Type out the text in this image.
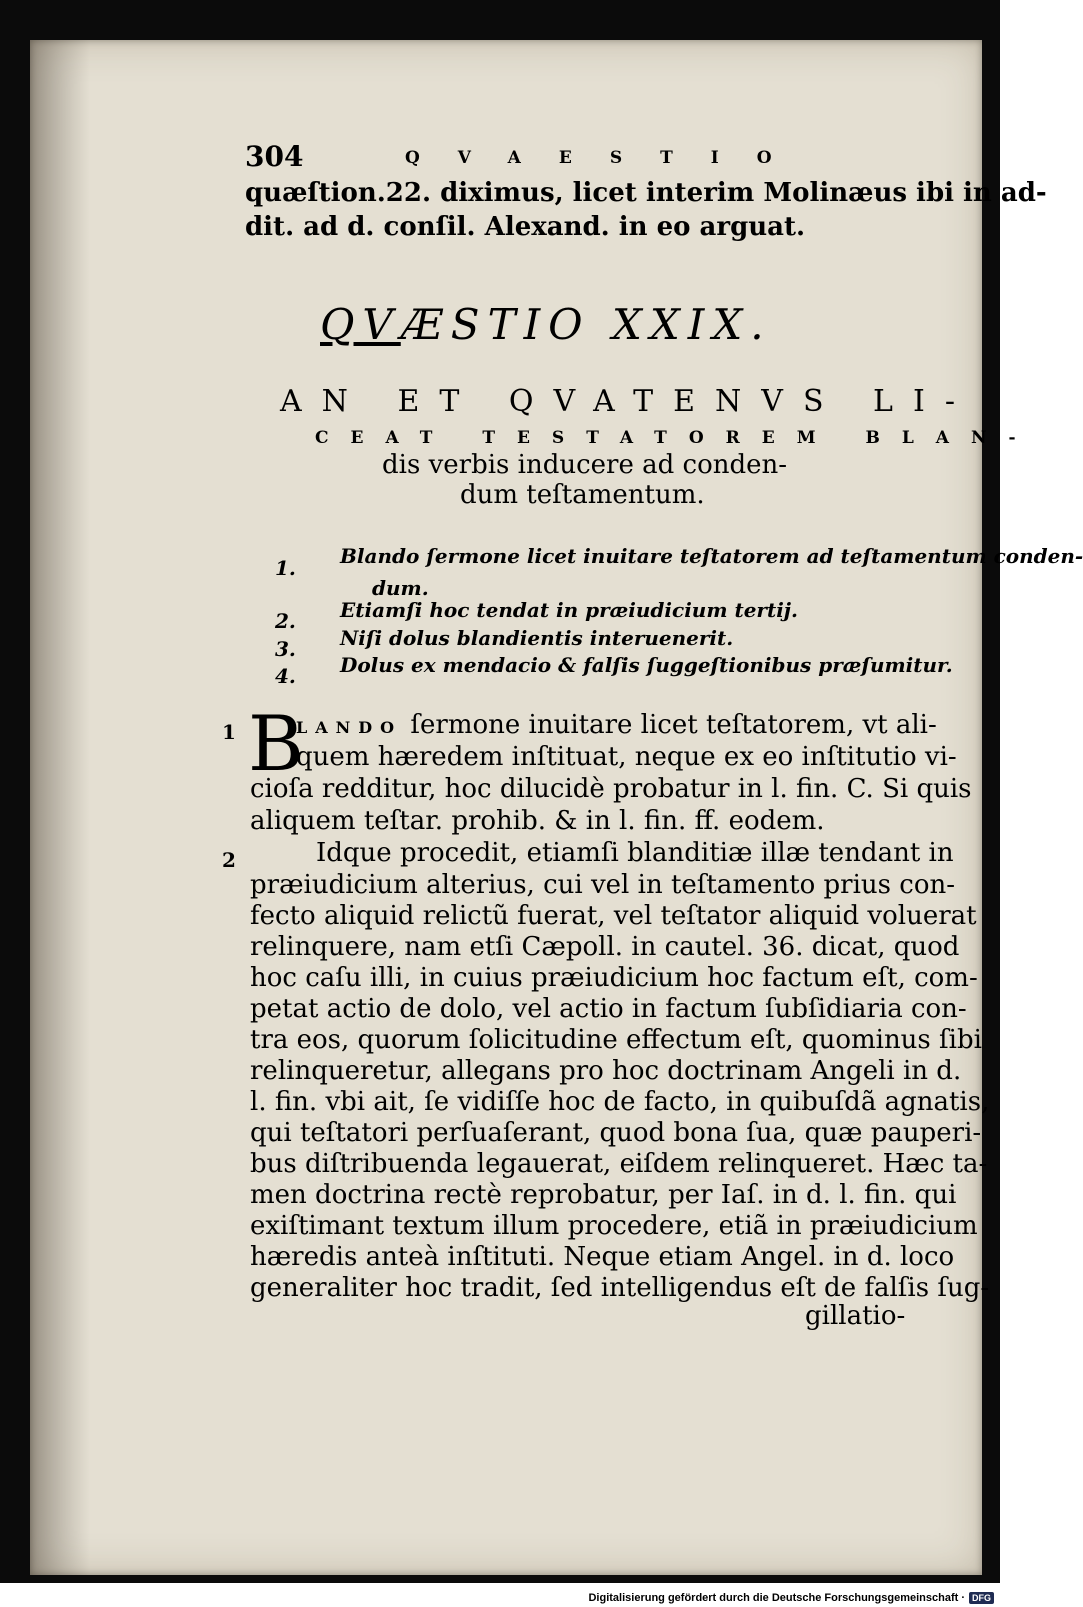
304	QVAESTIO
quæſtion.22. diximus, licet interim Molinæus ibi in ad-
dit. ad d. conſil. Alexand. in eo arguat.
QVÆSTIO XXIX.
AN ET QVATENVS LI-
CEAT TESTATOREM BLAN-
dis verbis inducere ad conden-
dum teſtamentum.
1. Blando ſermone licet inuitare teſtatorem ad teſtamentum conden-
dum.
2. Etiamſi hoc tendat in præiudicium tertij.
3. Niſi dolus blandientis interuenerit.
4. Dolus ex mendacio & falſis ſuggeſtionibus præſumitur.
1
2
B
LANDO ſermone inuitare licet teſtatorem, vt ali-
quem hæredem inſtituat, neque ex eo inſtitutio vi-
cioſa redditur, hoc dilucidè probatur in l. fin. C. Si quis
aliquem teſtar. prohib. & in l. fin. ff. eodem.
Idque procedit, etiamſi blanditiæ illæ tendant in
præiudicium alterius, cui vel in teſtamento prius con-
fecto aliquid relictũ fuerat, vel teſtator aliquid voluerat
relinquere, nam etſi Cæpoll. in cautel. 36. dicat, quod
hoc caſu illi, in cuius præiudicium hoc factum eſt, com-
petat actio de dolo, vel actio in factum ſubſidiaria con-
tra eos, quorum ſolicitudine effectum eſt, quominus ſibi
relinqueretur, allegans pro hoc doctrinam Angeli in d.
l. fin. vbi ait, ſe vidiſſe hoc de facto, in quibuſdã agnatis,
qui teſtatori perſuaſerant, quod bona ſua, quæ pauperi-
bus diſtribuenda legauerat, eiſdem relinqueret. Hæc ta-
men doctrina rectè reprobatur, per Iaſ. in d. l. fin. qui
exiſtimant textum illum procedere, etiã in præiudicium
hæredis anteà inſtituti. Neque etiam Angel. in d. loco
generaliter hoc tradit, ſed intelligendus eſt de falſis ſug-
gillatio-
Digitalisierung gefördert durch die Deutsche Forschungsgemeinschaft · DFG
